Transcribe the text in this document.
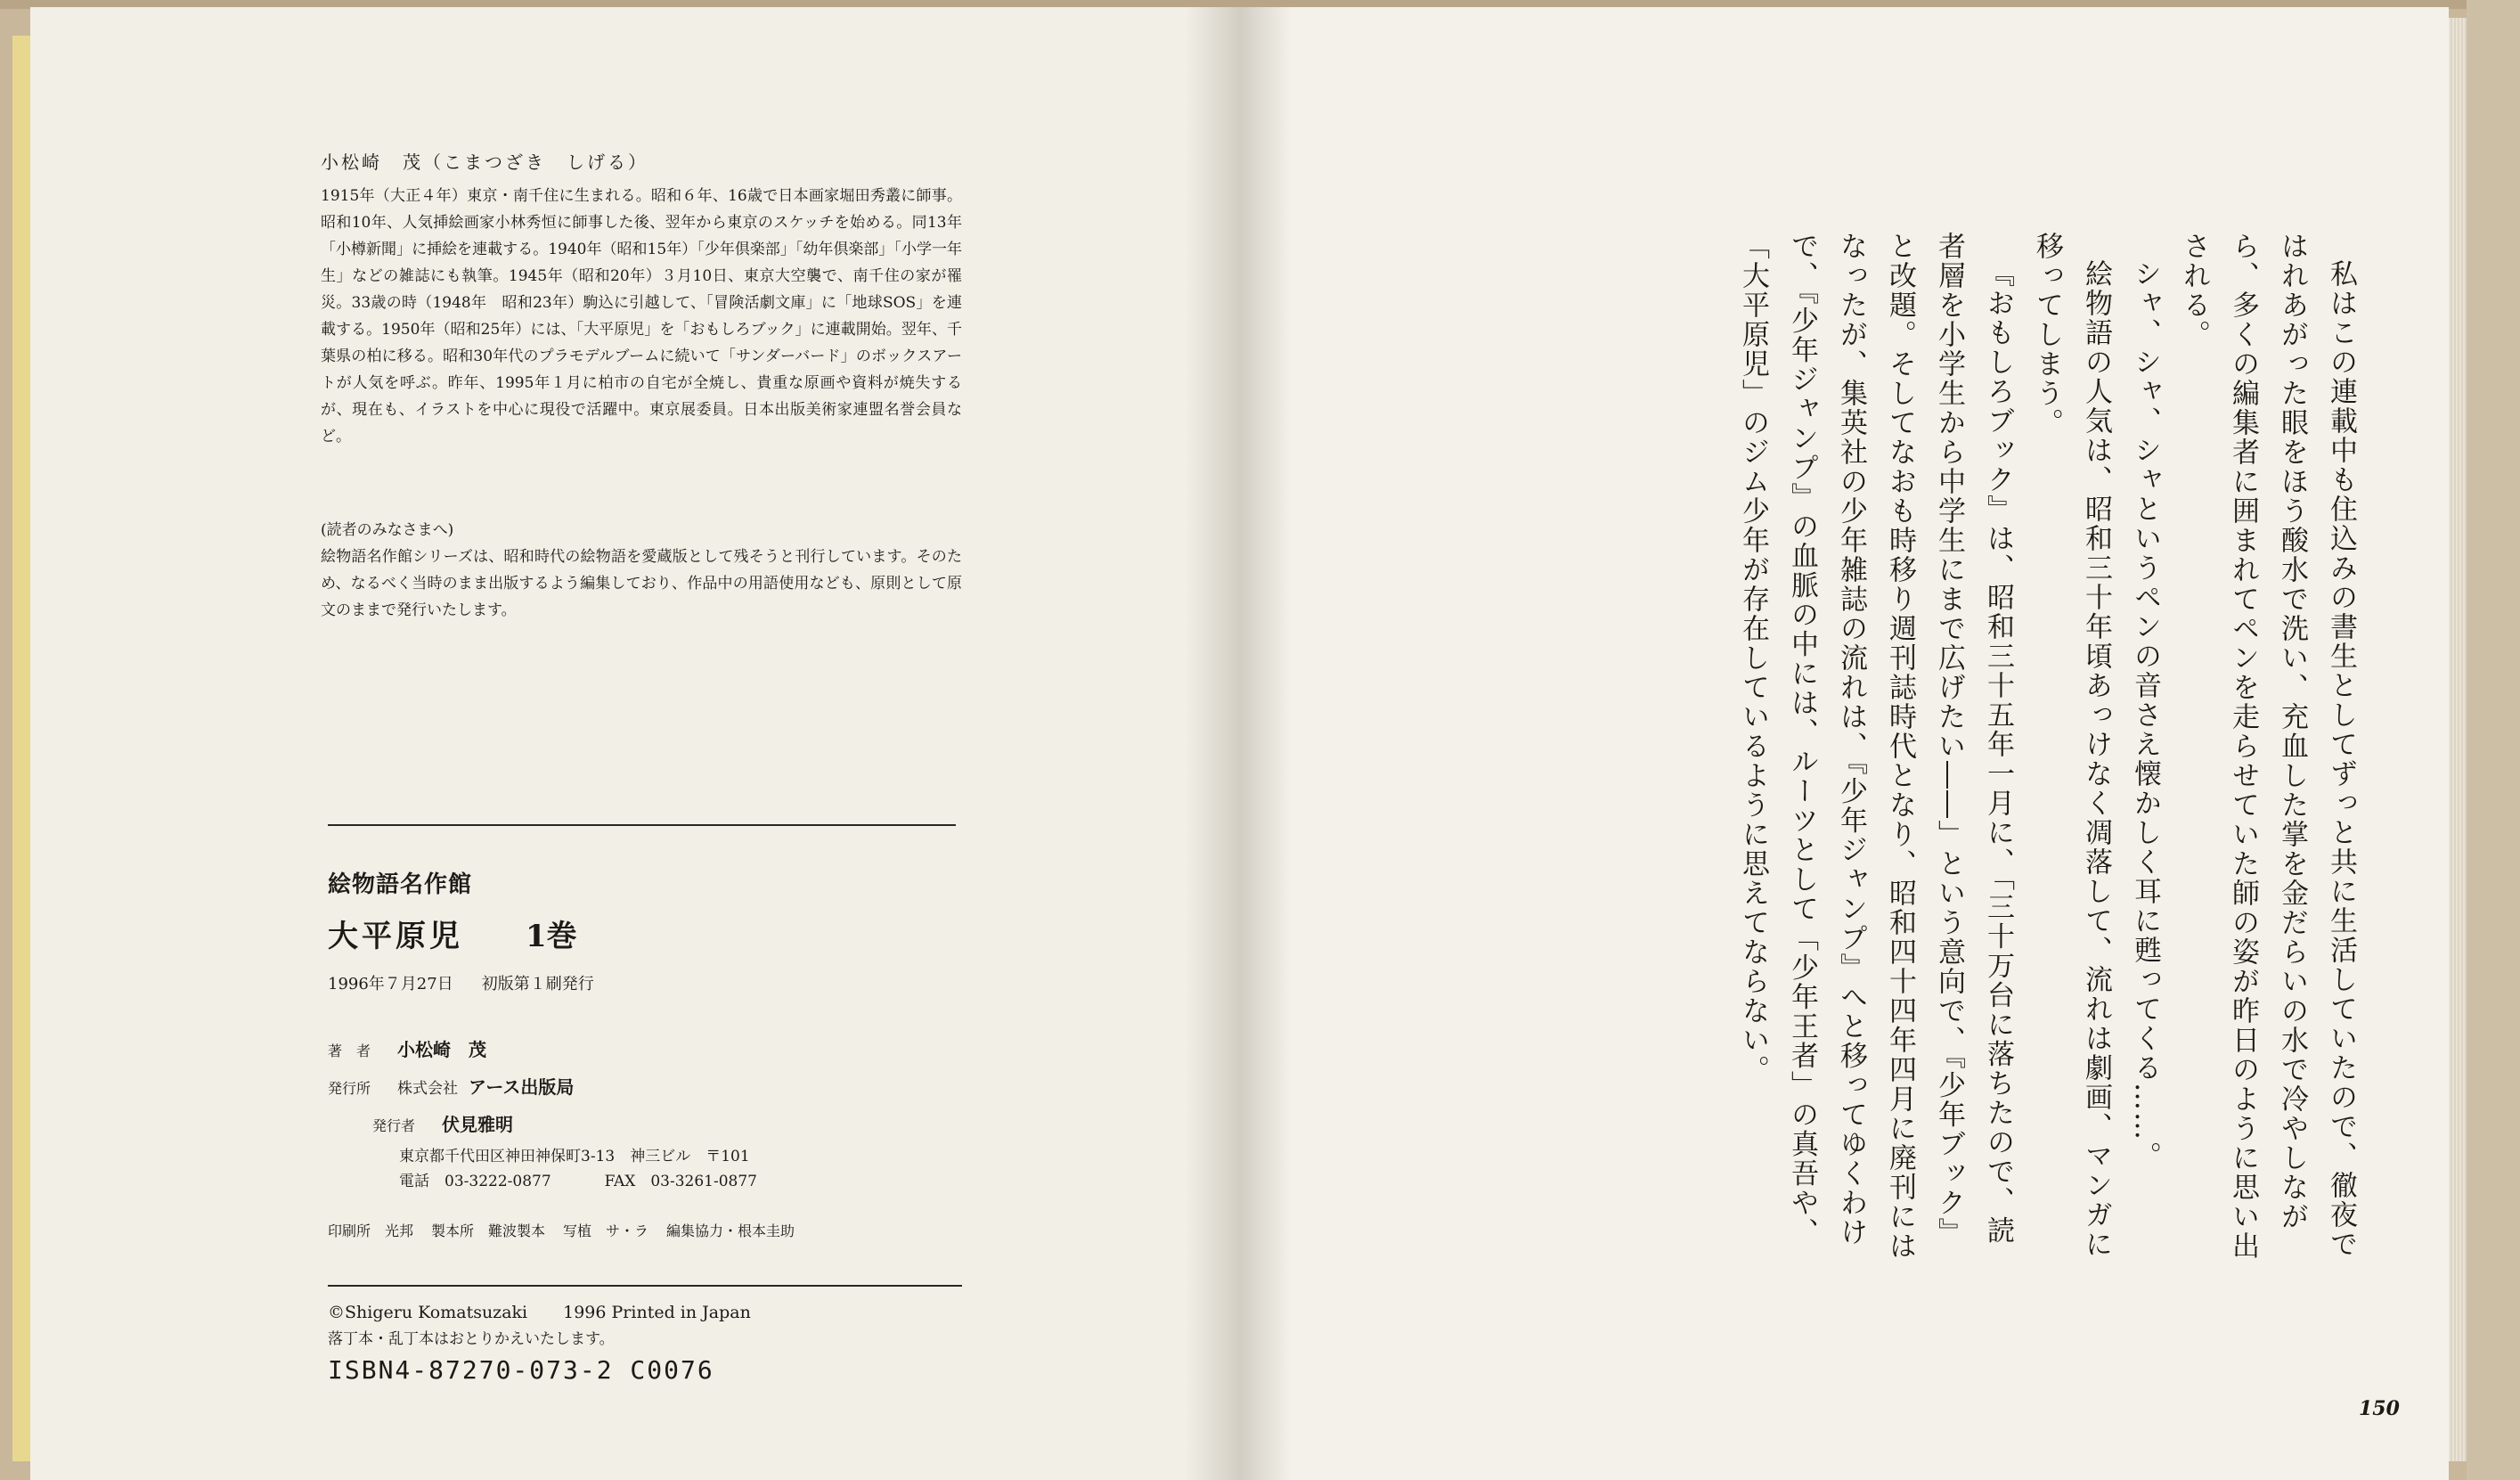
小松崎　茂（こまつざき　しげる）
1915年（大正４年）東京・南千住に生まれる。昭和６年、16歳で日本画家堀田秀叢に師事。昭和10年、人気挿絵画家小林秀恒に師事した後、翌年から東京のスケッチを始める。同13年「小樽新聞」に挿絵を連載する。1940年（昭和15年）「少年倶楽部」「幼年倶楽部」「小学一年生」などの雑誌にも執筆。1945年（昭和20年）３月10日、東京大空襲で、南千住の家が罹災。33歳の時（1948年　昭和23年）駒込に引越して、「冒険活劇文庫」に「地球SOS」を連載する。1950年（昭和25年）には、「大平原児」を「おもしろブック」に連載開始。翌年、千葉県の柏に移る。昭和30年代のプラモデルブームに続いて「サンダーバード」のボックスアートが人気を呼ぶ。昨年、1995年１月に柏市の自宅が全焼し、貴重な原画や資料が焼失するが、現在も、イラストを中心に現役で活躍中。東京展委員。日本出版美術家連盟名誉会員など。
(読者のみなさまへ)
絵物語名作館シリーズは、昭和時代の絵物語を愛蔵版として残そうと刊行しています。そのため、なるべく当時のまま出版するよう編集しており、作品中の用語使用なども、原則として原文のままで発行いたします。
絵物語名作館
大平原児 1巻
1996年７月27日 初版第１刷発行
著　者	小松崎　茂
発行所	株式会社 アース出版局
発行者	伏見雅明
東京都千代田区神田神保町3-13　神三ビル　〒101
電話　03-3222-0877	FAX　03-3261-0877
印刷所　光邦 製本所　難波製本 写植　サ・ラ 編集協力・根本圭助
©Shigeru Komatsuzaki 1996 Printed in Japan
落丁本・乱丁本はおとりかえいたします。
ISBN4-87270-073-2 C0076

私はこの連載中も住込みの書生としてずっと共に生活していたので、徹夜ではれあがった眼をほう酸水で洗い、充血した掌を金だらいの水で冷やしながら、多くの編集者に囲まれてペンを走らせていた師の姿が昨日のように思い出される。

シャ、シャ、シャというペンの音さえ懐かしく耳に甦ってくる……。

絵物語の人気は、昭和三十年頃あっけなく凋落して、流れは劇画、マンガに移ってしまう。

『おもしろブック』は、昭和三十五年一月に、「三十万台に落ちたので、読者層を小学生から中学生にまで広げたい――」という意向で、『少年ブック』と改題。そしてなおも時移り週刊誌時代となり、昭和四十四年四月に廃刊にはなったが、集英社の少年雑誌の流れは、『少年ジャンプ』へと移ってゆくわけで、『少年ジャンプ』の血脈の中には、ルーツとして「少年王者」の真吾や、「大平原児」のジム少年が存在しているように思えてならない。

150
